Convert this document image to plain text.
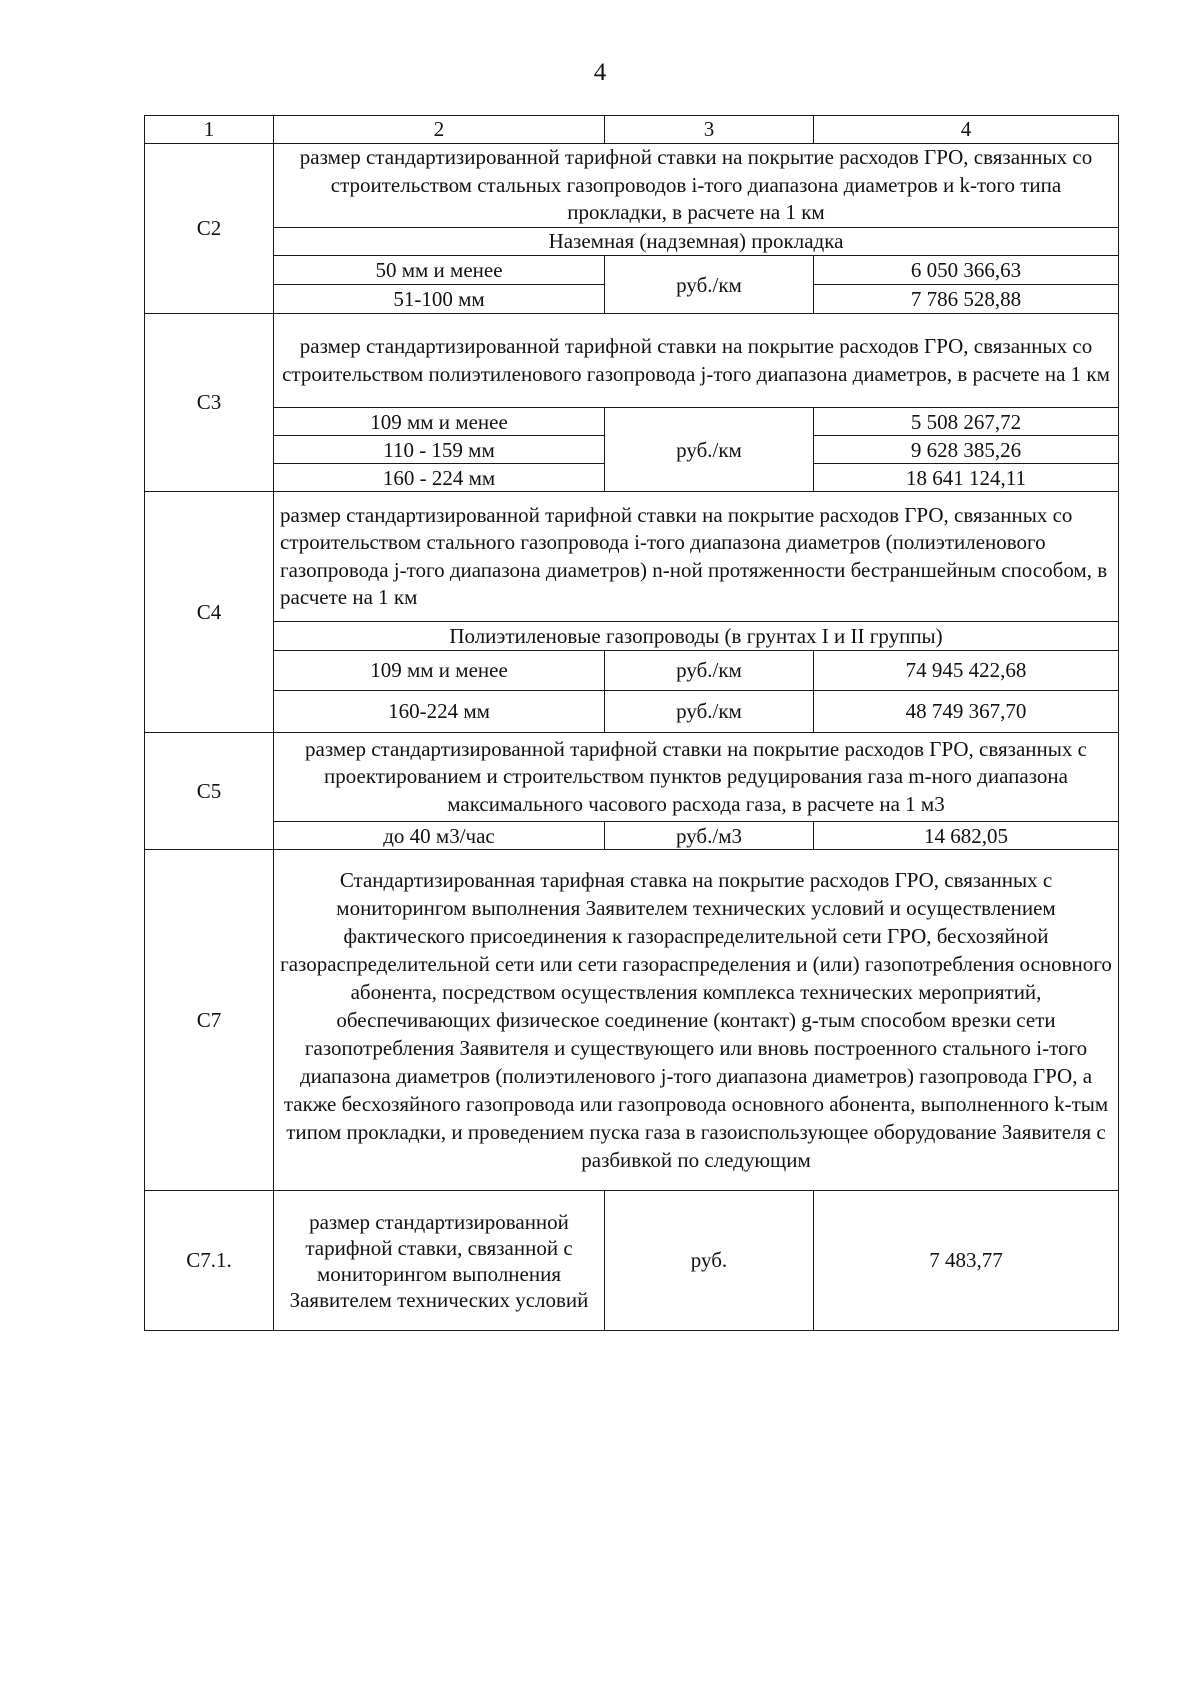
4
1	2	3	4
С2	размер стандартизированной тарифной ставки на покрытие расходов ГРО, связанных со строительством стальных газопроводов i-того диапазона диаметров и k-того типа прокладки, в расчете на 1 км		
	Наземная (надземная) прокладка		
	50 мм и менее	руб./км	6 050 366,63
	51-100 мм		7 786 528,88
С3	размер стандартизированной тарифной ставки на покрытие расходов ГРО, связанных со строительством полиэтиленового газопровода j-того диапазона диаметров, в расчете на 1 км		
	109 мм и менее	руб./км	5 508 267,72
	110 - 159 мм		9 628 385,26
	160 - 224 мм		18 641 124,11
С4	размер стандартизированной тарифной ставки на покрытие расходов ГРО, связанных со строительством стального газопровода i-того диапазона диаметров (полиэтиленового газопровода j-того диапазона диаметров) n-ной протяженности бестраншейным способом, в расчете на 1 км		
	Полиэтиленовые газопроводы (в грунтах I и II группы)		
	109 мм и менее	руб./км	74 945 422,68
	160-224 мм	руб./км	48 749 367,70
С5	размер стандартизированной тарифной ставки на покрытие расходов ГРО, связанных с проектированием и строительством пунктов редуцирования газа m-ного диапазона максимального часового расхода газа, в расчете на 1 м3		
	до 40 м3/час	руб./м3	14 682,05
С7	Стандартизированная тарифная ставка на покрытие расходов ГРО, связанных с мониторингом выполнения Заявителем технических условий и осуществлением фактического присоединения к газораспределительной сети ГРО, бесхозяйной газораспределительной сети или сети газораспределения и (или) газопотребления основного абонента, посредством осуществления комплекса технических мероприятий, обеспечивающих физическое соединение (контакт) g-тым способом врезки сети газопотребления Заявителя и существующего или вновь построенного стального i-того диапазона диаметров (полиэтиленового j-того диапазона диаметров) газопровода ГРО, а также бесхозяйного газопровода или газопровода основного абонента, выполненного k-тым типом прокладки, и проведением пуска газа в газоиспользующее оборудование Заявителя с разбивкой по следующим		
С7.1.	размер стандартизированной тарифной ставки, связанной с мониторингом выполнения Заявителем технических условий	руб.	7 483,77
